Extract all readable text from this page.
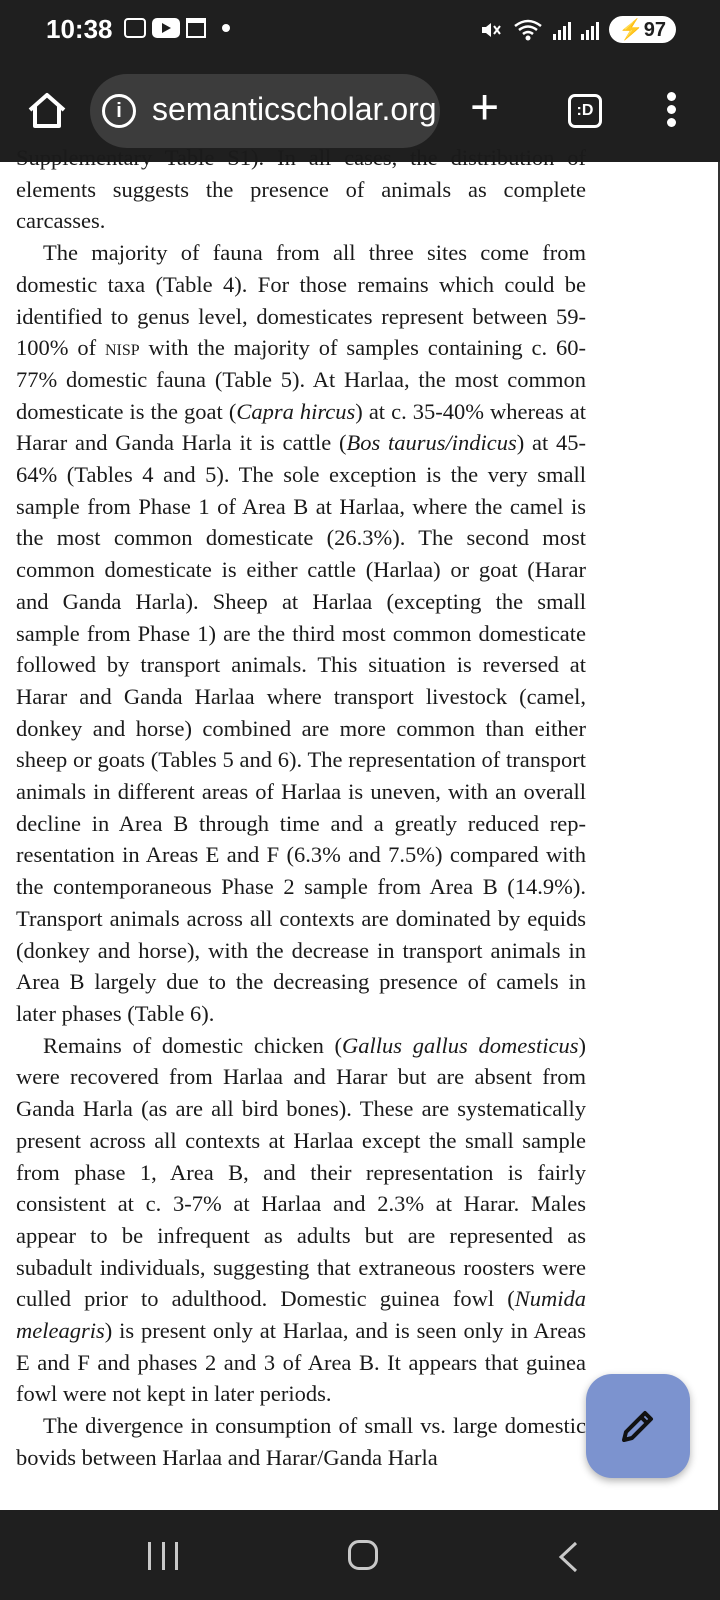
10:38	⚡97
i semanticscholar.org +	:D

Supplementary Table S1). In all cases, the distribution of elements suggests the presence of animals as complete carcasses.

The majority of fauna from all three sites come from domestic taxa (Table 4). For those remains which could be identified to genus level, domesticates represent between 59-100% of nisp with the majority of samples containing c. 60-77% domestic fauna (Table 5). At Harlaa, the most common domesticate is the goat (Capra hircus) at c. 35-40% whereas at Harar and Ganda Harla it is cattle (Bos taurus/indicus) at 45-64% (Tables 4 and 5). The sole exception is the very small sample from Phase 1 of Area B at Harlaa, where the camel is the most common domesticate (26.3%). The second most common domesticate is either cattle (Harlaa) or goat (Harar and Ganda Harla). Sheep at Harlaa (excepting the small sample from Phase 1) are the third most common domesticate followed by transport animals. This situation is reversed at Harar and Ganda Harlaa where transport livestock (camel, donkey and horse) combined are more common than either sheep or goats (Tables 5 and 6). The representation of transport animals in different areas of Harlaa is uneven, with an overall decline in Area B through time and a greatly reduced representation in Areas E and F (6.3% and 7.5%) compared with the contemporaneous Phase 2 sample from Area B (14.9%). Transport animals across all contexts are dominated by equids (donkey and horse), with the decrease in transport animals in Area B largely due to the decreasing presence of camels in later phases (Table 6).

Remains of domestic chicken (Gallus gallus domesticus) were recovered from Harlaa and Harar but are absent from Ganda Harla (as are all bird bones). These are systematically present across all contexts at Harlaa except the small sample from phase 1, Area B, and their representation is fairly consistent at c. 3-7% at Harlaa and 2.3% at Harar. Males appear to be infrequent as adults but are represented as subadult individuals, suggesting that extraneous roosters were culled prior to adulthood. Domestic guinea fowl (Numida meleagris) is present only at Harlaa, and is seen only in Areas E and F and phases 2 and 3 of Area B. It appears that guinea fowl were not kept in later periods.

The divergence in consumption of small vs. large domestic bovids between Harlaa and Harar/Ganda Harla
